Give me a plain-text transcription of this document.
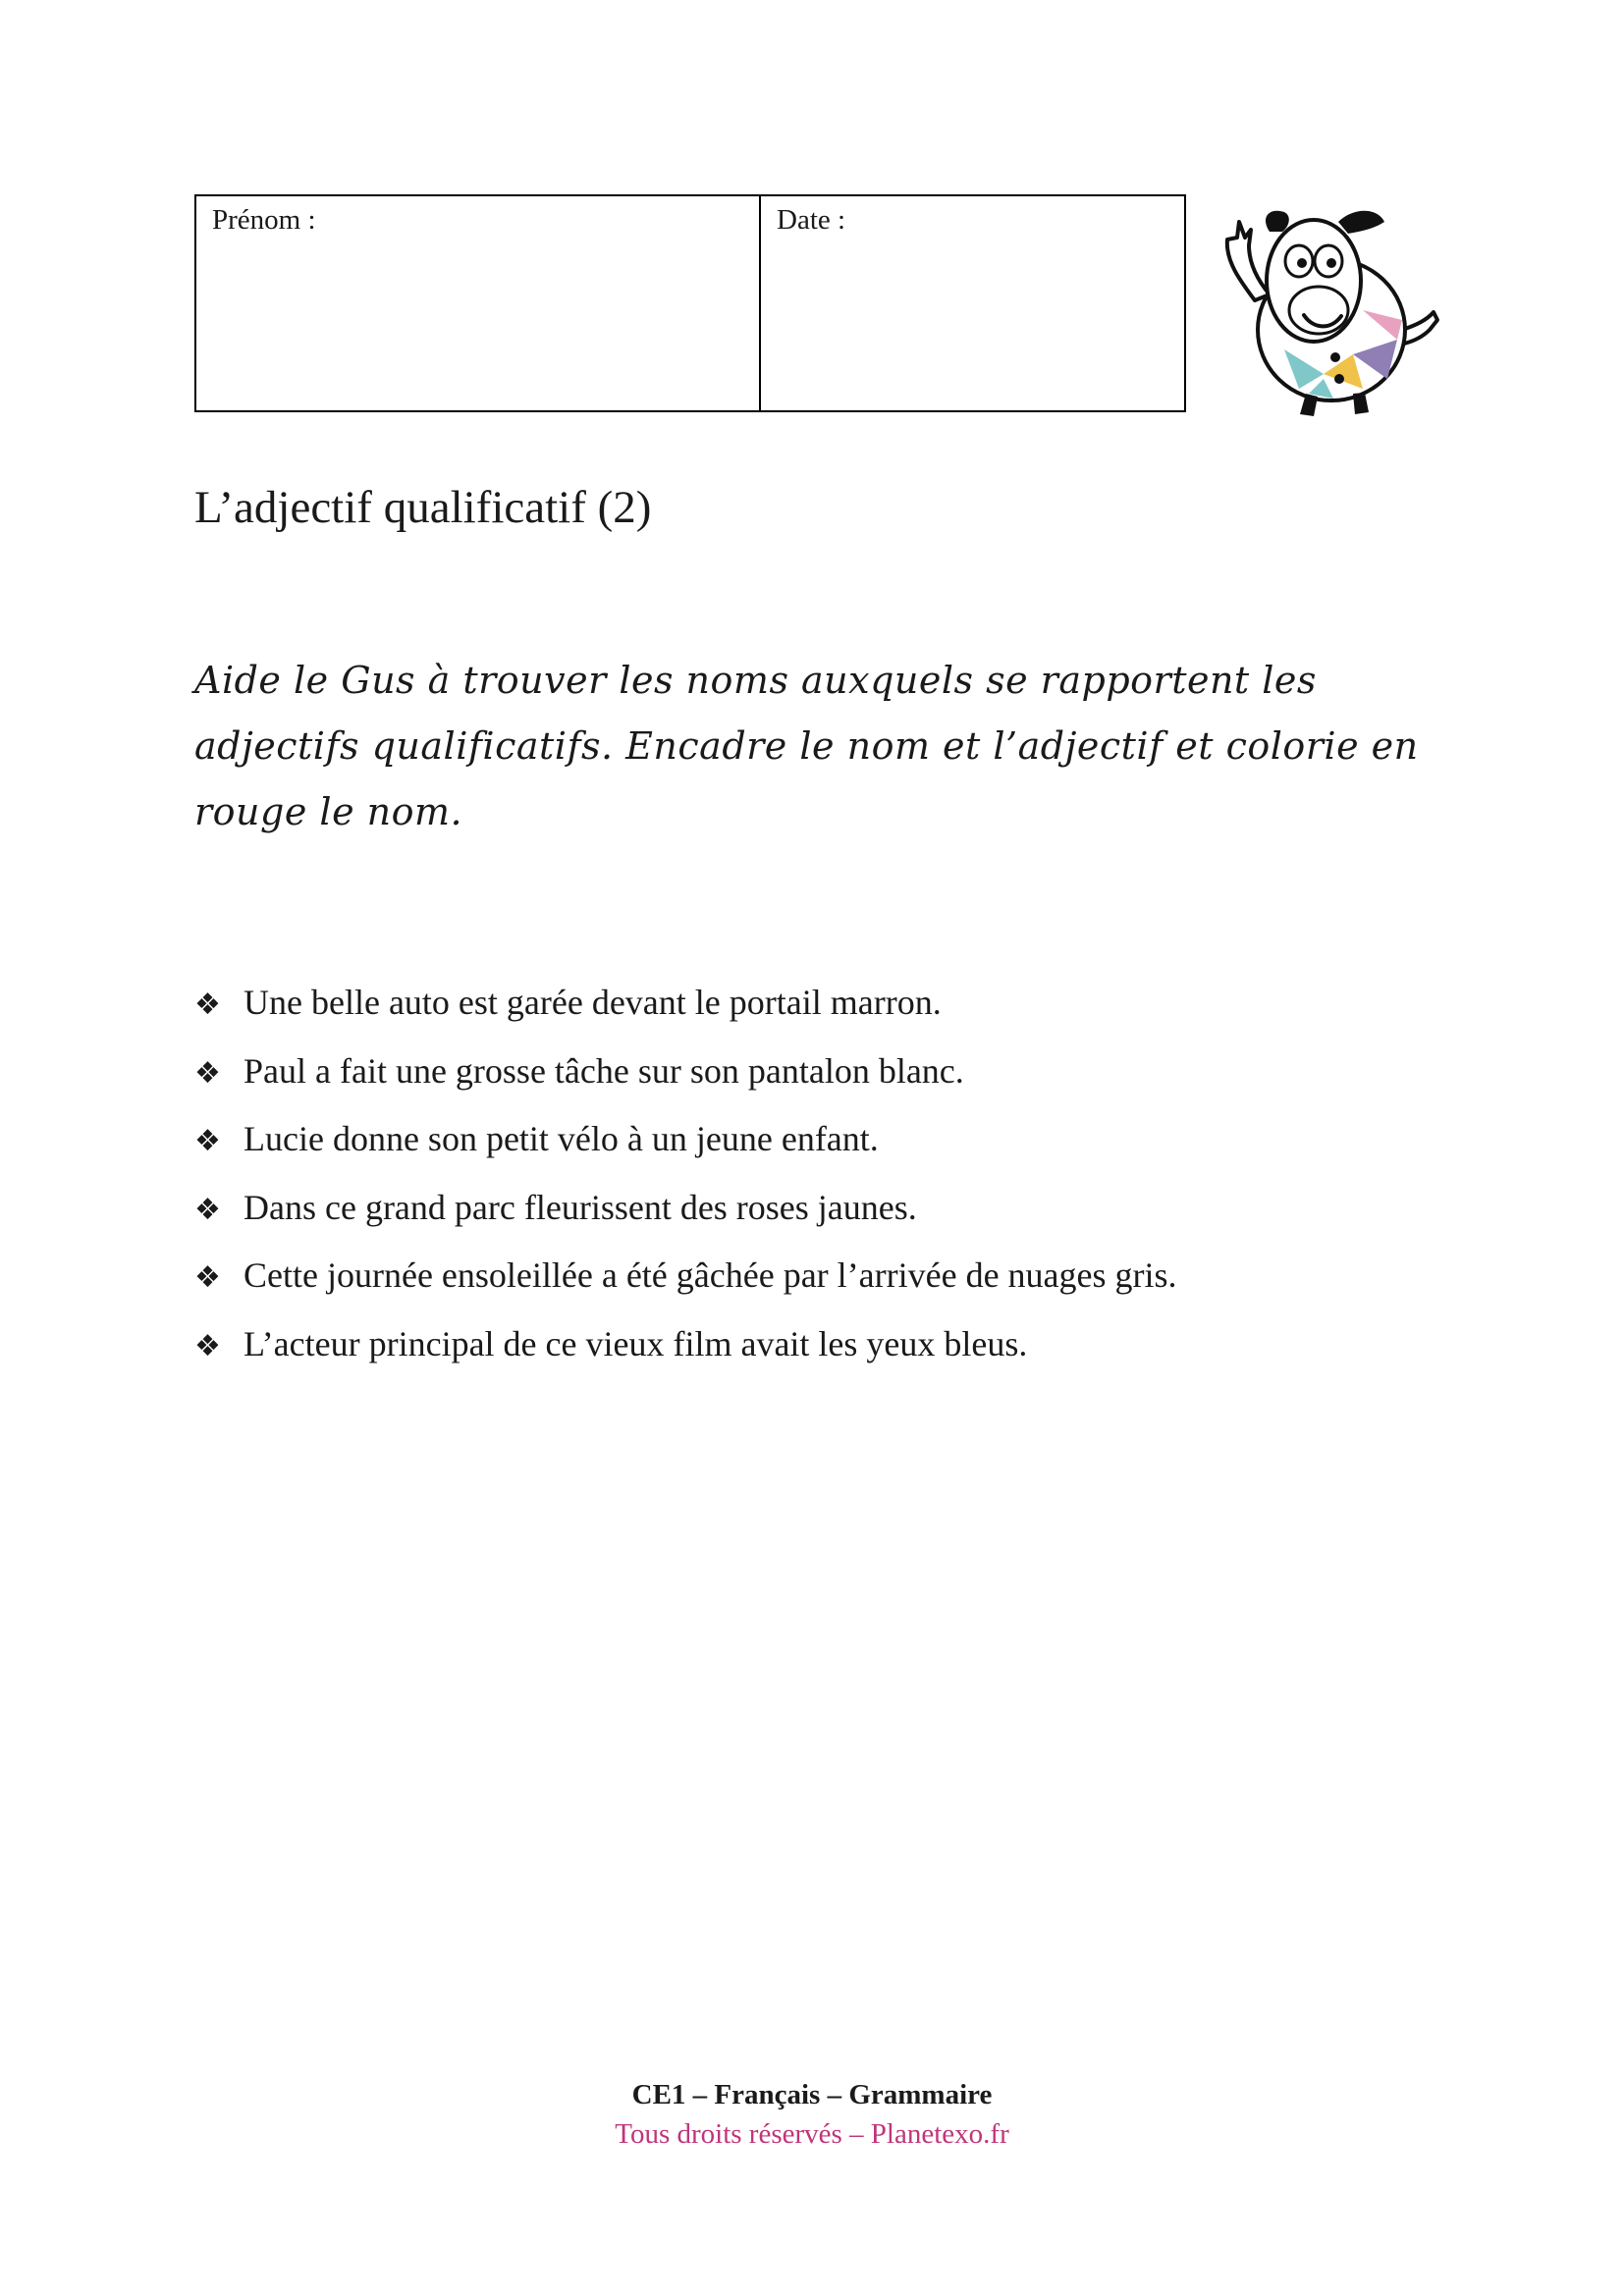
Prénom :	Date :
L’adjectif qualificatif (2)

Aide le Gus à trouver les noms auxquels se rapportent les adjectifs qualificatifs. Encadre le nom et l’adjectif et colorie en rouge le nom.

❖ Une belle auto est garée devant le portail marron.
❖ Paul a fait une grosse tâche sur son pantalon blanc.
❖ Lucie donne son petit vélo à un jeune enfant.
❖ Dans ce grand parc fleurissent des roses jaunes.
❖ Cette journée ensoleillée a été gâchée par l’arrivée de nuages gris.
❖ L’acteur principal de ce vieux film avait les yeux bleus.
CE1 – Français – Grammaire
Tous droits réservés – Planetexo.fr
